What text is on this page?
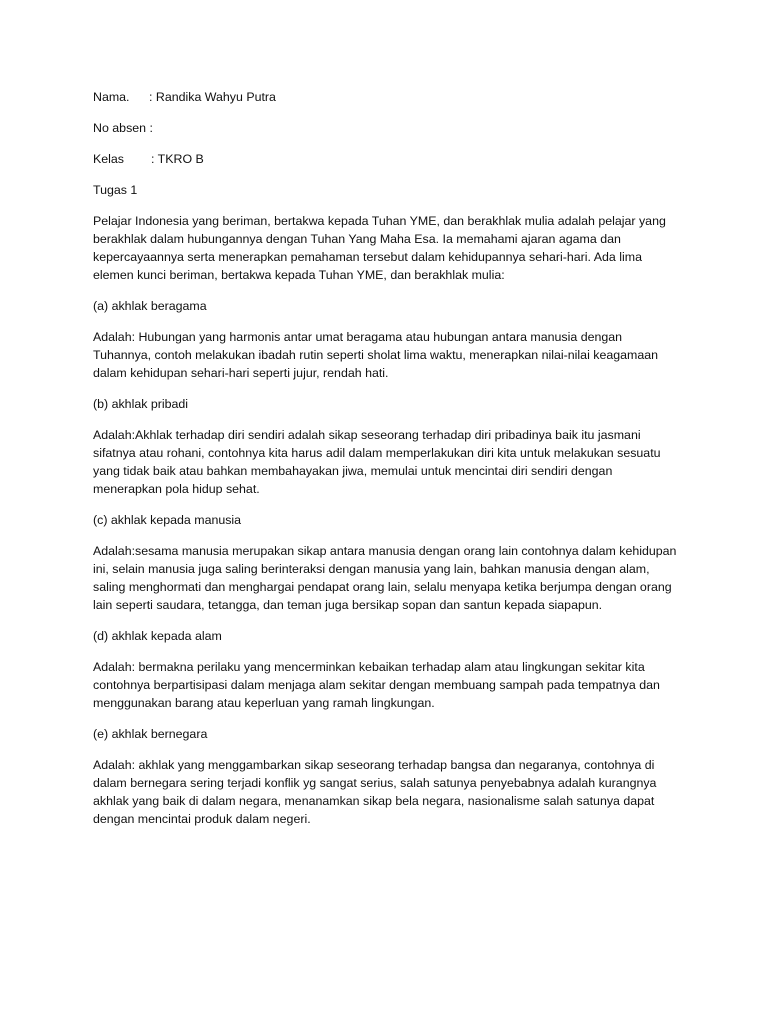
Nama.	: Randika Wahyu Putra
No absen :
Kelas	: TKRO B
Tugas 1

Pelajar Indonesia yang beriman, bertakwa kepada Tuhan YME, dan berakhlak mulia adalah pelajar yang berakhlak dalam hubungannya dengan Tuhan Yang Maha Esa. Ia memahami ajaran agama dan kepercayaannya serta menerapkan pemahaman tersebut dalam kehidupannya sehari-hari. Ada lima elemen kunci beriman, bertakwa kepada Tuhan YME, dan berakhlak mulia:

(a) akhlak beragama

Adalah: Hubungan yang harmonis antar umat beragama atau hubungan antara manusia dengan Tuhannya, contoh melakukan ibadah rutin seperti sholat lima waktu, menerapkan nilai-nilai keagamaan dalam kehidupan sehari-hari seperti jujur, rendah hati.

(b) akhlak pribadi

Adalah:Akhlak terhadap diri sendiri adalah sikap seseorang terhadap diri pribadinya baik itu jasmani sifatnya atau rohani, contohnya kita harus adil dalam memperlakukan diri kita untuk melakukan sesuatu yang tidak baik atau bahkan membahayakan jiwa, memulai untuk mencintai diri sendiri dengan menerapkan pola hidup sehat.

(c) akhlak kepada manusia

Adalah:sesama manusia merupakan sikap antara manusia dengan orang lain contohnya dalam kehidupan ini, selain manusia juga saling berinteraksi dengan manusia yang lain, bahkan manusia dengan alam, saling menghormati dan menghargai pendapat orang lain, selalu menyapa ketika berjumpa dengan orang lain seperti saudara, tetangga, dan teman juga bersikap sopan dan santun kepada siapapun.

(d) akhlak kepada alam

Adalah: bermakna perilaku yang mencerminkan kebaikan terhadap alam atau lingkungan sekitar kita contohnya berpartisipasi dalam menjaga alam sekitar dengan membuang sampah pada tempatnya dan menggunakan barang atau keperluan yang ramah lingkungan.

(e) akhlak bernegara

Adalah: akhlak yang menggambarkan sikap seseorang terhadap bangsa dan negaranya, contohnya di dalam bernegara sering terjadi konflik yg sangat serius, salah satunya penyebabnya adalah kurangnya akhlak yang baik di dalam negara, menanamkan sikap bela negara, nasionalisme salah satunya dapat dengan mencintai produk dalam negeri.
